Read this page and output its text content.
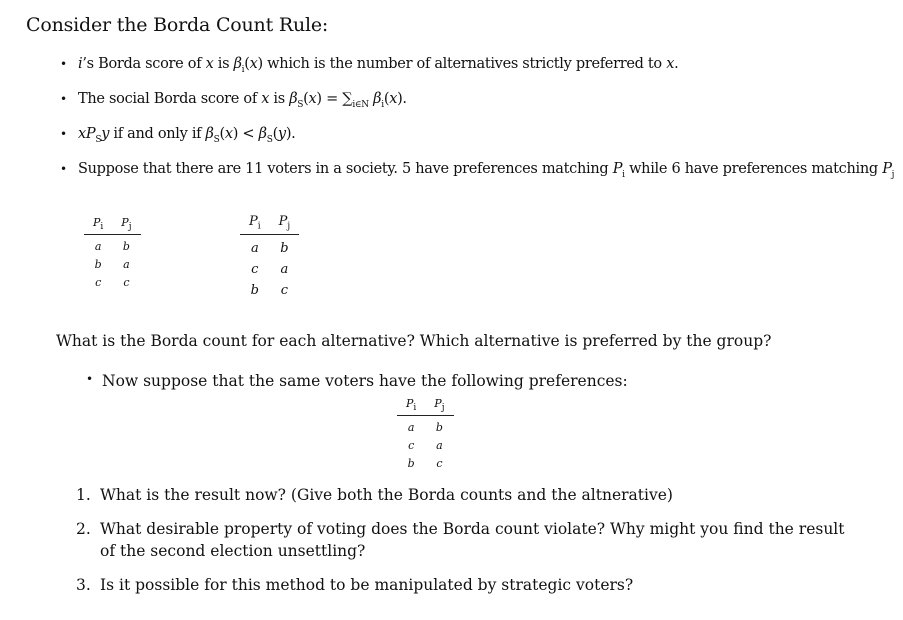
Consider the Borda Count Rule:
• i’s Borda score of x is $\beta_i(x)$ which is the number of alternatives strictly preferred to x.
• The social Borda score of x is $\beta_S(x) = \sum_{i\in N}$ $\beta_i(x)$.
• $xP_Sy$ if and only if $\beta_S(x) < \beta_S(y)$.
• Suppose that there are 11 voters in a society. 5 have preferences matching $P_i$ while 6 have preferences matching $P_j$
$P_i$	$P_j$
a	b
b	a
c	c
$P_i$	$P_j$
a	b
c	a
b	c
What is the Borda count for each alternative? Which alternative is preferred by the group?
• Now suppose that the same voters have the following preferences:
$P_i$	$P_j$
a	b
c	a
b	c
1. What is the result now? (Give both the Borda counts and the altnerative)
2. What desirable property of voting does the Borda count violate? Why might you find the result of the second election unsettling?
3. Is it possible for this method to be manipulated by strategic voters?
